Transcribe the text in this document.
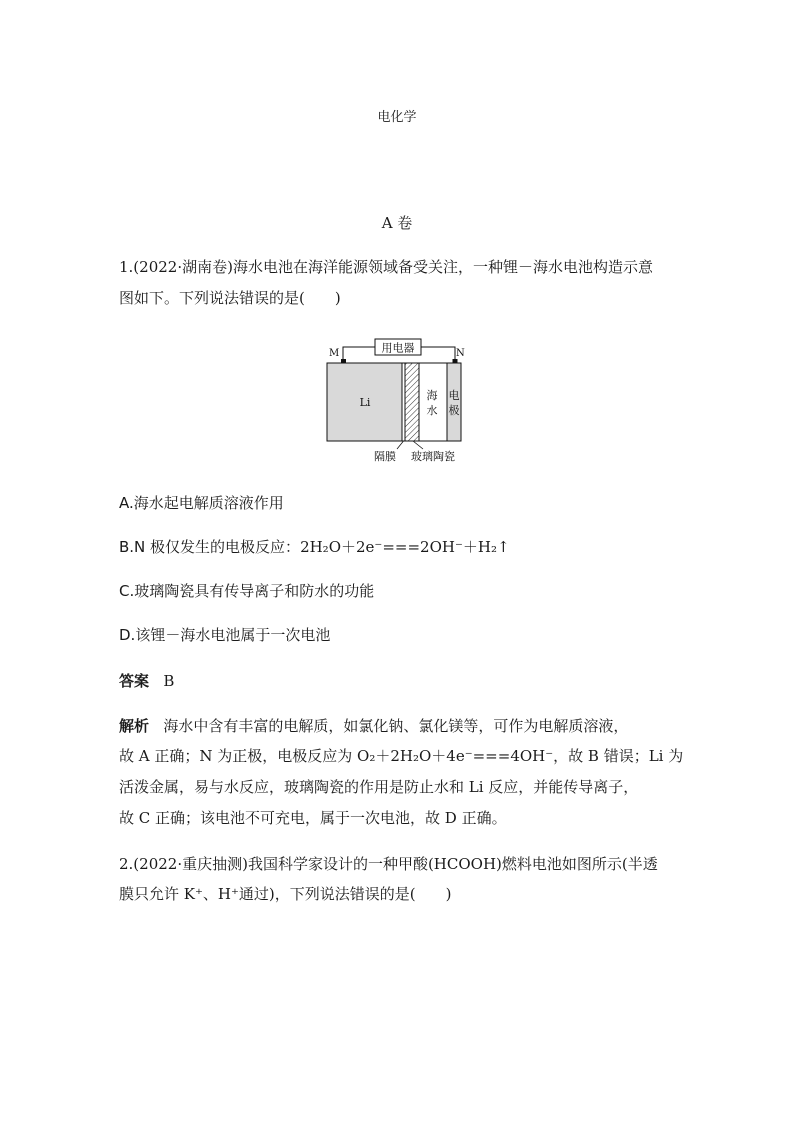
电化学
A 卷
1.(2022·湖南卷)海水电池在海洋能源领域备受关注，一种锂－海水电池构造示意
图如下。下列说法错误的是(　　)
用电器
M	N
Li
海
水
电
极
隔膜 玻璃陶瓷
A.海水起电解质溶液作用
B.N 极仅发生的电极反应：2H₂O＋2e⁻===2OH⁻＋H₂↑
C.玻璃陶瓷具有传导离子和防水的功能
D.该锂－海水电池属于一次电池
答案 B
解析 海水中含有丰富的电解质，如氯化钠、氯化镁等，可作为电解质溶液，
故 A 正确；N 为正极，电极反应为 O₂＋2H₂O＋4e⁻===4OH⁻，故 B 错误；Li 为
活泼金属，易与水反应，玻璃陶瓷的作用是防止水和 Li 反应，并能传导离子，
故 C 正确；该电池不可充电，属于一次电池，故 D 正确。
2.(2022·重庆抽测)我国科学家设计的一种甲酸(HCOOH)燃料电池如图所示(半透
膜只允许 K⁺、H⁺通过)，下列说法错误的是(　　)
